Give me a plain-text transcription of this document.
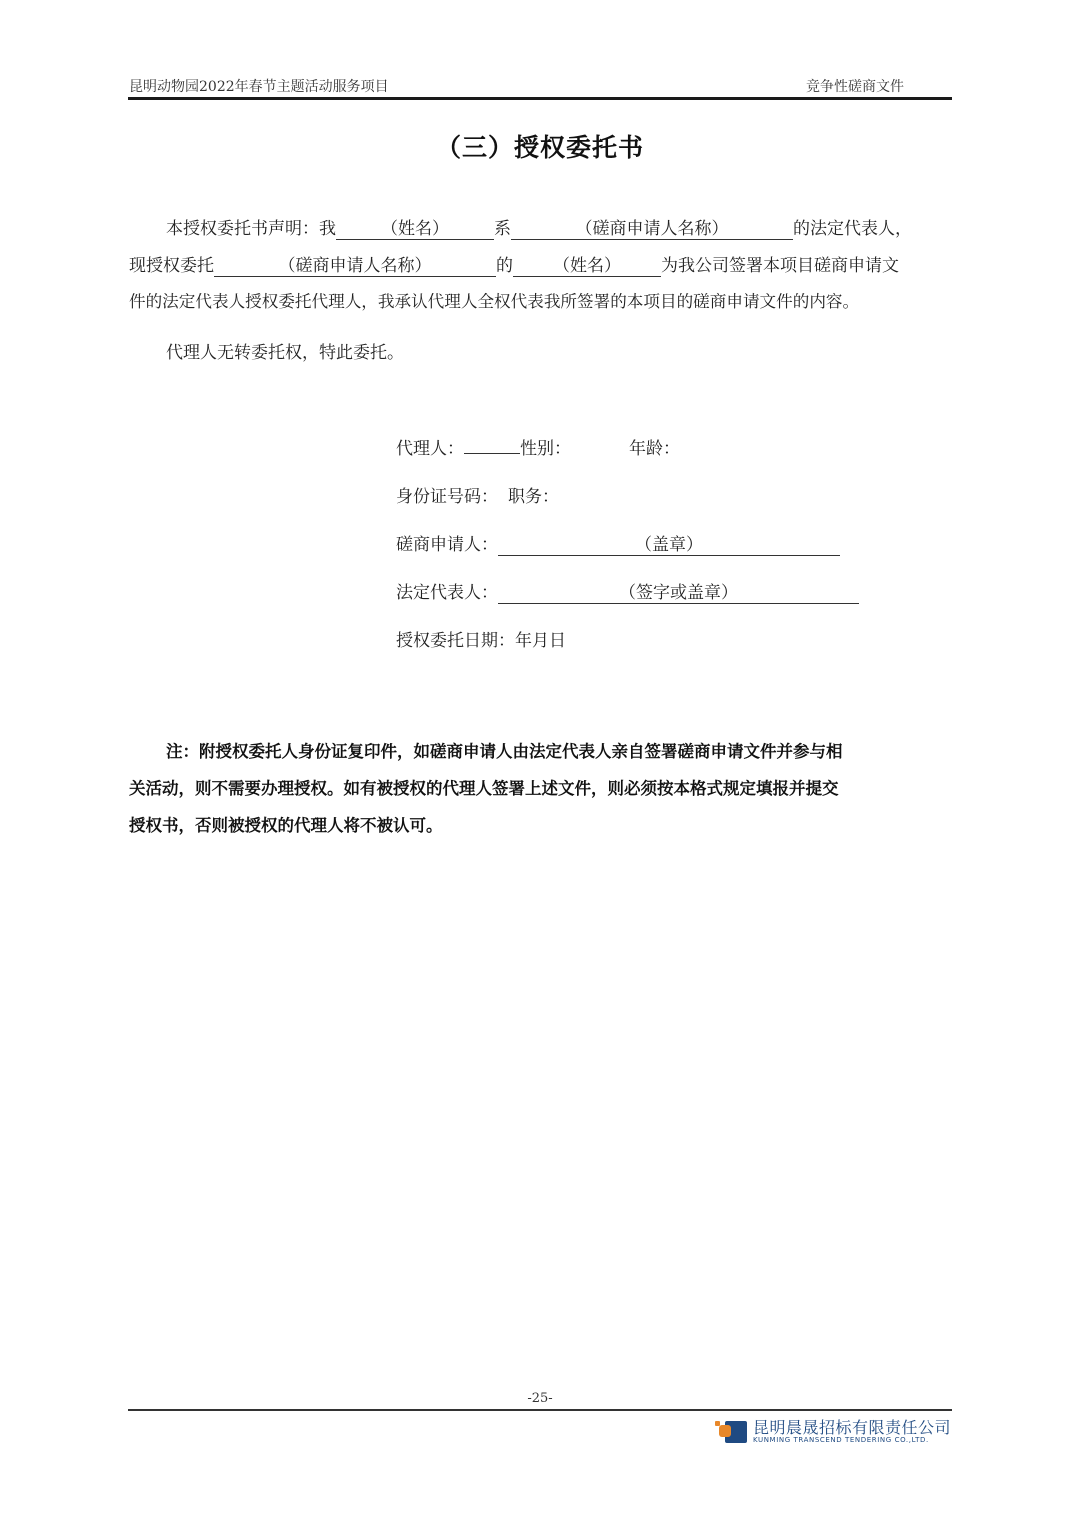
昆明动物园2022年春节主题活动服务项目	竞争性磋商文件
（三）授权委托书
本授权委托书声明：我	（姓名）	系	（磋商申请人名称）	的法定代表人，
现授权委托	（磋商申请人名称）	的 （姓名） 为我公司签署本项目磋商申请文
件的法定代表人授权委托代理人，我承认代理人全权代表我所签署的本项目的磋商申请文件的内容。
代理人无转委托权，特此委托。
代理人：	性别：	年龄：
身份证号码： 职务：
磋商申请人：	（盖章）
法定代表人：	（签字或盖章）
授权委托日期：年月日
注：附授权委托人身份证复印件，如磋商申请人由法定代表人亲自签署磋商申请文件并参与相
关活动，则不需要办理授权。如有被授权的代理人签署上述文件，则必须按本格式规定填报并提交
授权书，否则被授权的代理人将不被认可。
-25-
昆明晨晟招标有限责任公司
KUNMING TRANSCEND TENDERING CO.,LTD.
